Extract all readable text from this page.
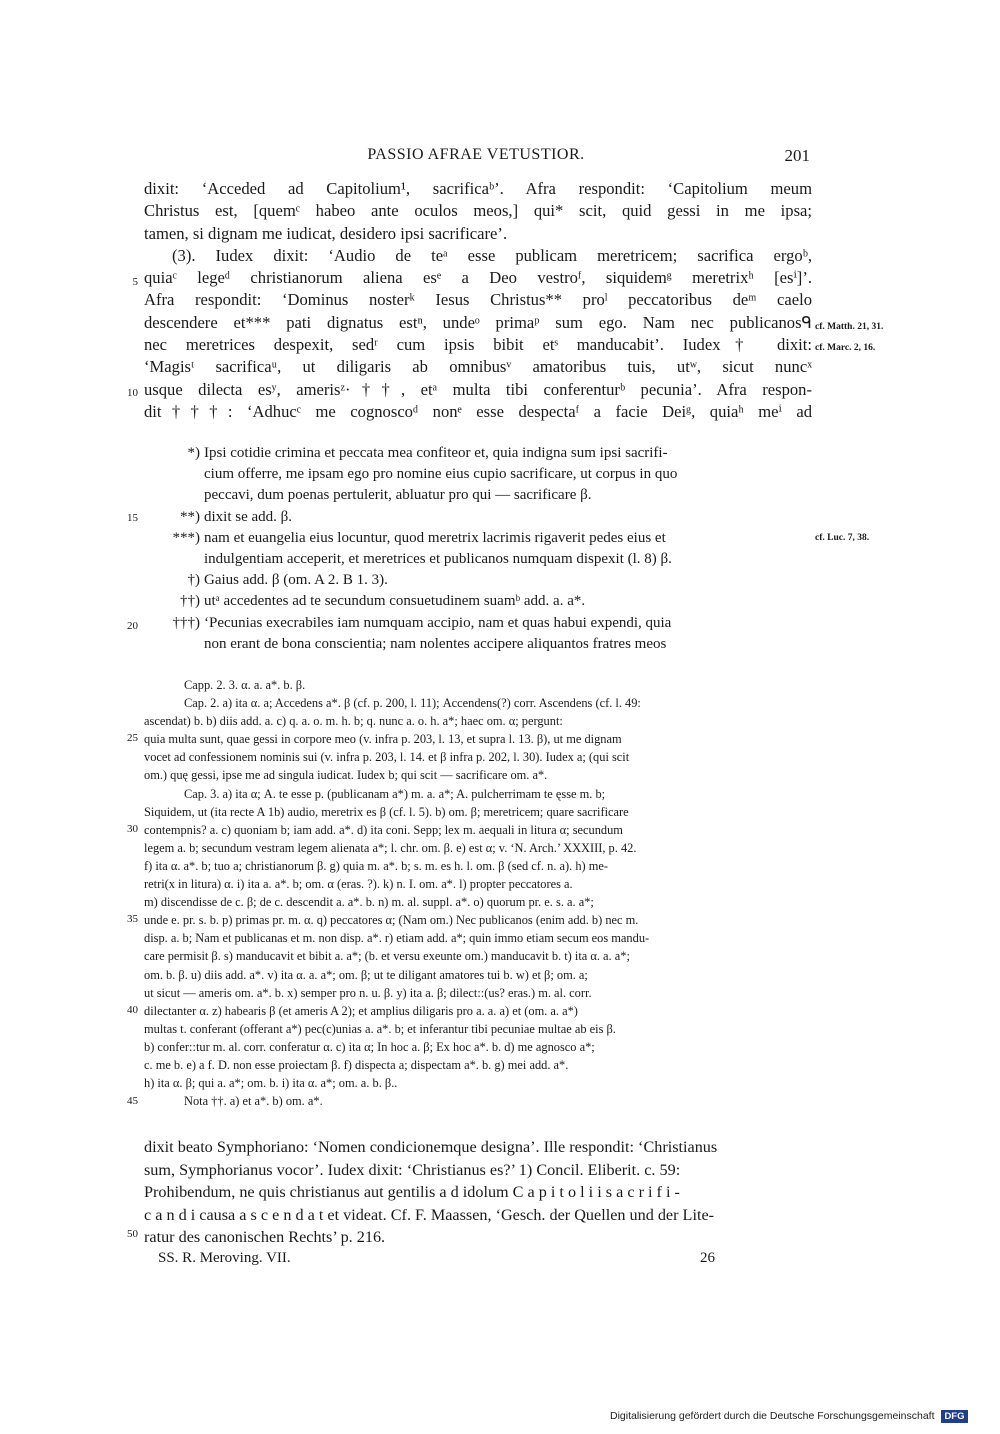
PASSIO AFRAE VETUSTIOR.	201
dixit: ‘Acceded ad Capitolium¹, sacrificaᵇ’. Afra respondit: ‘Capitolium meum
Christus est, [quemᶜ habeo ante oculos meos,] qui* scit, quid gessi in me ipsa;
tamen, si dignam me iudicat, desidero ipsi sacrificare’.
(3). Iudex dixit: ‘Audio de teᵃ esse publicam meretricem; sacrifica ergoᵇ,
quiaᶜ legeᵈ christianorum aliena esᵉ a Deo vestroᶠ, siquidemᵍ meretrixʰ [esⁱ]’.
Afra respondit: ‘Dominus nosterᵏ Iesus Christus** proˡ peccatoribus deᵐ caelo
descendere et*** pati dignatus estⁿ, undeᵒ primaᵖ sum ego. Nam nec publicanosᑫ
nec meretrices despexit, sedʳ cum ipsis bibit etˢ manducabit’. Iudex† dixit:
‘Magisᵗ sacrificaᵘ, ut diligaris ab omnibusᵛ amatoribus tuis, utʷ, sicut nuncˣ
usque dilecta esʸ, amerisᶻ·††, etᵃ multa tibi conferenturᵇ pecunia’. Afra respon-
dit†††: ‘Adhucᶜ me cognoscoᵈ nonᵉ esse despectaᶠ a facie Deiᵍ, quiaʰ meⁱ ad
5
10
cf. Matth. 21, 31.
cf. Marc. 2, 16.
*) Ipsi cotidie crimina et peccata mea confiteor et, quia indigna sum ipsi sacrifi-
cium offerre, me ipsam ego pro nomine eius cupio sacrificare, ut corpus in quo
peccavi, dum poenas pertulerit, abluatur pro qui — sacrificare β.
**) dixit se add. β.
***) nam et euangelia eius locuntur, quod meretrix lacrimis rigaverit pedes eius et
indulgentiam acceperit, et meretrices et publicanos numquam dispexit (l. 8) β.
†) Gaius add. β (om. A 2. B 1. 3).
††) utᵃ accedentes ad te secundum consuetudinem suamᵇ add. a. a*.
†††) ‘Pecunias execrabiles iam numquam accipio, nam et quas habui expendi, quia
non erant de bona conscientia; nam nolentes accipere aliquantos fratres meos
15
20
cf. Luc. 7, 38.
Capp. 2. 3. α. a. a*. b. β.
Cap. 2. a) ita α. a; Accedens a*. β (cf. p. 200, l. 11); Accendens(?) corr. Ascendens (cf. l. 49:
ascendat) b. b) diis add. a. c) q. a. o. m. h. b; q. nunc a. o. h. a*; haec om. α; pergunt:
quia multa sunt, quae gessi in corpore meo (v. infra p. 203, l. 13, et supra l. 13. β), ut me dignam
vocet ad confessionem nominis sui (v. infra p. 203, l. 14. et β infra p. 202, l. 30). Iudex a; (qui scit
om.) quę gessi, ipse me ad singula iudicat. Iudex b; qui scit — sacrificare om. a*.
Cap. 3. a) ita α; A. te esse p. (publicanam a*) m. a. a*; A. pulcherrimam te ęsse m. b;
Siquidem, ut (ita recte A 1b) audio, meretrix es β (cf. l. 5). b) om. β; meretricem; quare sacrificare
contempnis? a. c) quoniam b; iam add. a*. d) ita coni. Sepp; lex m. aequali in litura α; secundum
legem a. b; secundum vestram legem alienata a*; l. chr. om. β. e) est α; v. ‘N. Arch.’ XXXIII, p. 42.
f) ita α. a*. b; tuo a; christianorum β. g) quia m. a*. b; s. m. es h. l. om. β (sed cf. n. a). h) me-
retri(x in litura) α. i) ita a. a*. b; om. α (eras. ?). k) n. I. om. a*. l) propter peccatores a.
m) discendisse de c. β; de c. descendit a. a*. b. n) m. al. suppl. a*. o) quorum pr. e. s. a. a*;
unde e. pr. s. b. p) primas pr. m. α. q) peccatores α; (Nam om.) Nec publicanos (enim add. b) nec m.
disp. a. b; Nam et publicanas et m. non disp. a*. r) etiam add. a*; quin immo etiam secum eos mandu-
care permisit β. s) manducavit et bibit a. a*; (b. et versu exeunte om.) manducavit b. t) ita α. a. a*;
om. b. β. u) diis add. a*. v) ita α. a. a*; om. β; ut te diligant amatores tui b. w) et β; om. a;
ut sicut — ameris om. a*. b. x) semper pro n. u. β. y) ita a. β; dilect::(us? eras.) m. al. corr.
dilectanter α. z) habearis β (et ameris A 2); et amplius diligaris pro a. a. a) et (om. a. a*)
multas t. conferant (offerant a*) pec(c)unias a. a*. b; et inferantur tibi pecuniae multae ab eis β.
b) confer::tur m. al. corr. conferatur α. c) ita α; In hoc a. β; Ex hoc a*. b. d) me agnosco a*;
c. me b. e) a f. D. non esse proiectam β. f) dispecta a; dispectam a*. b. g) mei add. a*.
h) ita α. β; qui a. a*; om. b. i) ita α. a*; om. a. b. β..
Nota ††. a) et a*. b) om. a*.
25
30
35
40
45
dixit beato Symphoriano: ‘Nomen condicionemque designa’. Ille respondit: ‘Christianus
sum, Symphorianus vocor’. Iudex dixit: ‘Christianus es?’ 1) Concil. Eliberit. c. 59:
Prohibendum, ne quis christianus aut gentilis a d idolum C a p i t o l i i s a c r i f i -
c a n d i causa a s c e n d a t et videat. Cf. F. Maassen, ‘Gesch. der Quellen und der Lite-
ratur des canonischen Rechts’ p. 216.
50
SS. R. Meroving. VII.	26
Digitalisierung gefördert durch die Deutsche Forschungsgemeinschaft DFG
